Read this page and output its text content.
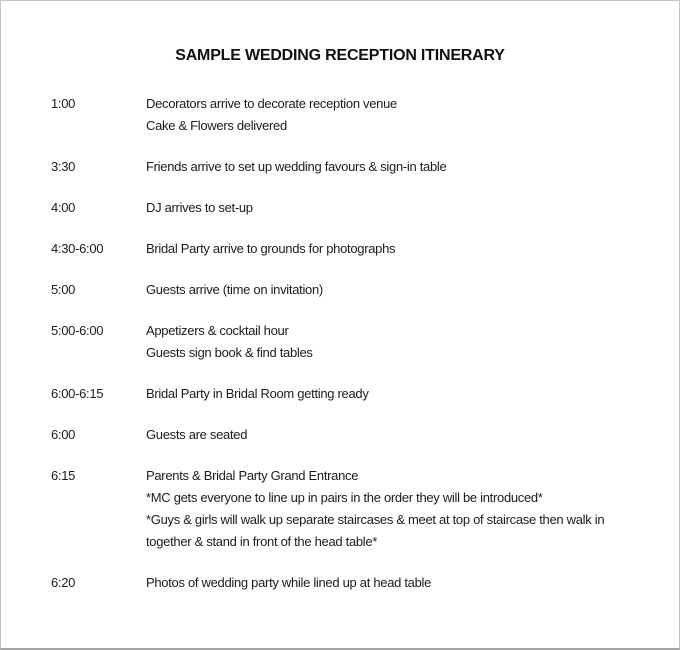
SAMPLE WEDDING RECEPTION ITINERARY
1:00	Decorators arrive to decorate reception venue
Cake & Flowers delivered
3:30	Friends arrive to set up wedding favours & sign-in table
4:00	DJ arrives to set-up
4:30-6:00	Bridal Party arrive to grounds for photographs
5:00	Guests arrive (time on invitation)
5:00-6:00	Appetizers & cocktail hour
Guests sign book & find tables
6:00-6:15	Bridal Party in Bridal Room getting ready
6:00	Guests are seated
6:15	Parents & Bridal Party Grand Entrance
*MC gets everyone to line up in pairs in the order they will be introduced*
*Guys & girls will walk up separate staircases & meet at top of staircase then walk in
together & stand in front of the head table*
6:20	Photos of wedding party while lined up at head table
